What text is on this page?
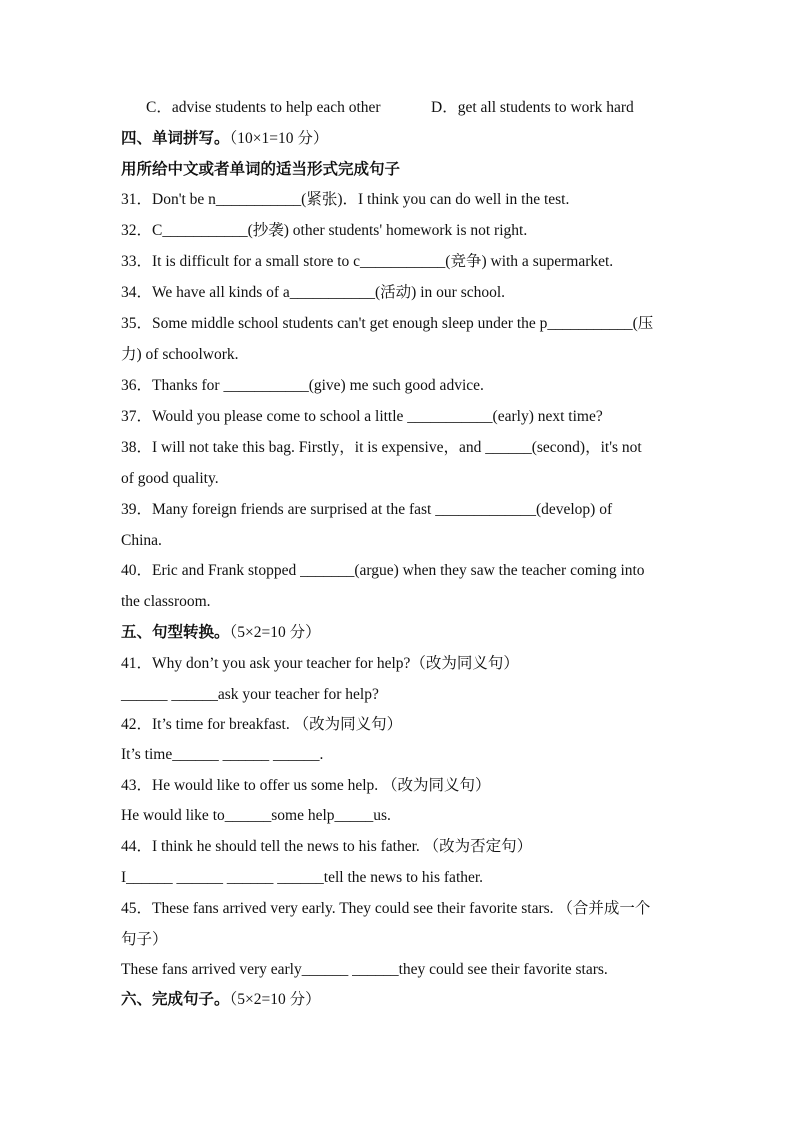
C．advise students to help each other	D．get all students to work hard
四、单词拼写。（10×1=10 分）
用所给中文或者单词的适当形式完成句子
31．Don't be n___________(紧张)．I think you can do well in the test.
32．C___________(抄袭) other students' homework is not right.
33．It is difficult for a small store to c___________(竞争) with a supermarket.
34．We have all kinds of a___________(活动) in our school.
35．Some middle school students can't get enough sleep under the p___________(压
力) of schoolwork.
36．Thanks for ___________(give) me such good advice.
37．Would you please come to school a little ___________(early) next time?
38．I will not take this bag. Firstly，it is expensive，and ______(second)，it's not
of good quality.
39．Many foreign friends are surprised at the fast _____________(develop) of
China.
40．Eric and Frank stopped _______(argue) when they saw the teacher coming into
the classroom.
五、句型转换。（5×2=10 分）
41．Why don’t you ask your teacher for help?（改为同义句）
______ ______ask your teacher for help?
42．It’s time for breakfast. （改为同义句）
It’s time______ ______ ______.
43．He would like to offer us some help. （改为同义句）
He would like to______some help_____us.
44．I think he should tell the news to his father. （改为否定句）
I______ ______ ______ ______tell the news to his father.
45．These fans arrived very early. They could see their favorite stars. （合并成一个
句子）
These fans arrived very early______ ______they could see their favorite stars.
六、完成句子。（5×2=10 分）
